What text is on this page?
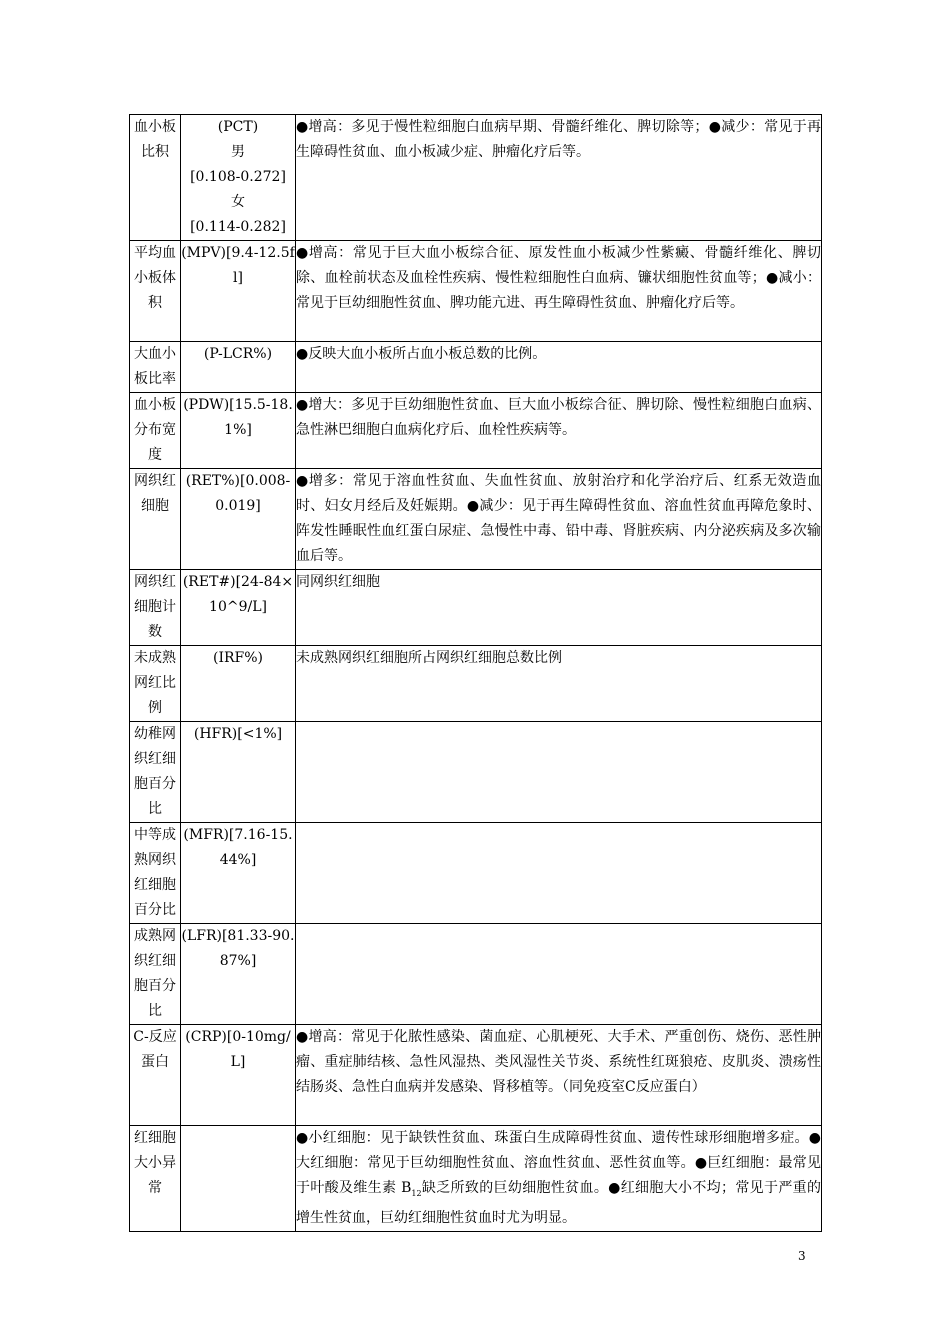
血小板比积	(PCT)
男
[0.108-0.272]
女
[0.114-0.282]	●增高：多见于慢性粒细胞白血病早期、骨髓纤维化、脾切除等；●减少：常见于再生障碍性贫血、血小板减少症、肿瘤化疗后等。
平均血小板体积	(MPV)[9.4-12.5fl]	●增高：常见于巨大血小板综合征、原发性血小板减少性紫癜、骨髓纤维化、脾切除、血栓前状态及血栓性疾病、慢性粒细胞性白血病、镰状细胞性贫血等；●减小：常见于巨幼细胞性贫血、脾功能亢进、再生障碍性贫血、肿瘤化疗后等。
大血小板比率	(P-LCR%)	●反映大血小板所占血小板总数的比例。
血小板分布宽度	(PDW)[15.5-18.1%]	●增大：多见于巨幼细胞性贫血、巨大血小板综合征、脾切除、慢性粒细胞白血病、急性淋巴细胞白血病化疗后、血栓性疾病等。
网织红细胞	(RET%)[0.008-0.019]	●增多：常见于溶血性贫血、失血性贫血、放射治疗和化学治疗后、红系无效造血时、妇女月经后及妊娠期。●减少：见于再生障碍性贫血、溶血性贫血再障危象时、阵发性睡眠性血红蛋白尿症、急慢性中毒、铅中毒、肾脏疾病、内分泌疾病及多次输血后等。
网织红细胞计数	(RET#)[24-84×10^9/L]	同网织红细胞
未成熟网红比例	(IRF%)	未成熟网织红细胞所占网织红细胞总数比例
幼稚网织红细胞百分比	(HFR)[<1%]	
中等成熟网织红细胞百分比	(MFR)[7.16-15.44%]	
成熟网织红细胞百分比	(LFR)[81.33-90.87%]	
C-反应蛋白	(CRP)[0-10mg/L]	●增高：常见于化脓性感染、菌血症、心肌梗死、大手术、严重创伤、烧伤、恶性肿瘤、重症肺结核、急性风湿热、类风湿性关节炎、系统性红斑狼疮、皮肌炎、溃疡性结肠炎、急性白血病并发感染、肾移植等。（同免疫室C反应蛋白）
红细胞大小异常		●小红细胞：见于缺铁性贫血、珠蛋白生成障碍性贫血、遗传性球形细胞增多症。●大红细胞：常见于巨幼细胞性贫血、溶血性贫血、恶性贫血等。●巨红细胞：最常见于叶酸及维生素 $B_{12}$缺乏所致的巨幼细胞性贫血。●红细胞大小不均；常见于严重的增生性贫血，巨幼红细胞性贫血时尤为明显。
3
